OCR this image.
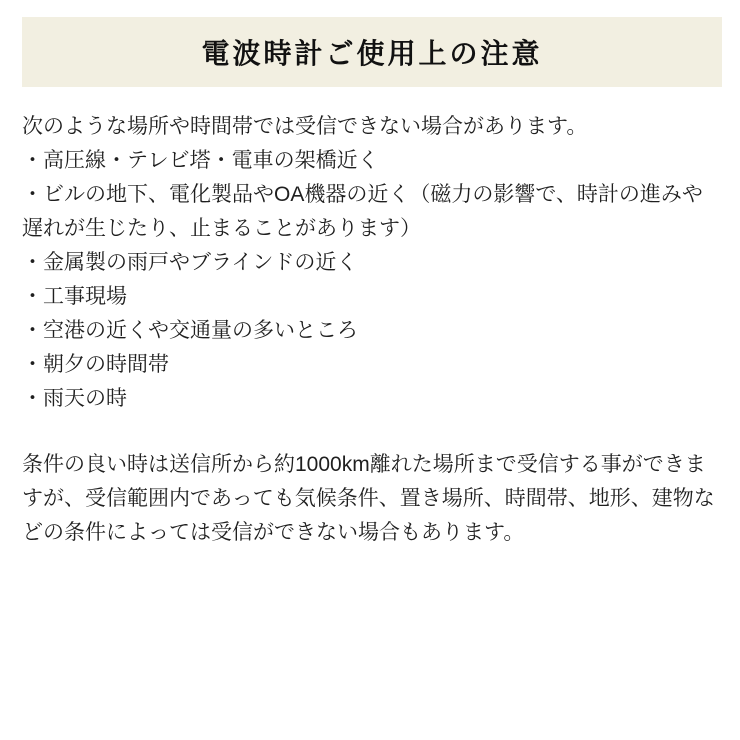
電波時計ご使用上の注意
次のような場所や時間帯では受信できない場合があります。
・高圧線・テレビ塔・電車の架橋近く
・ビルの地下、電化製品やOA機器の近く（磁力の影響で、時計の進みや
遅れが生じたり、止まることがあります）
・金属製の雨戸やブラインドの近く
・工事現場
・空港の近くや交通量の多いところ
・朝夕の時間帯
・雨天の時
条件の良い時は送信所から約1000km離れた場所まで受信する事ができま
すが、受信範囲内であっても気候条件、置き場所、時間帯、地形、建物な
どの条件によっては受信ができない場合もあります。
